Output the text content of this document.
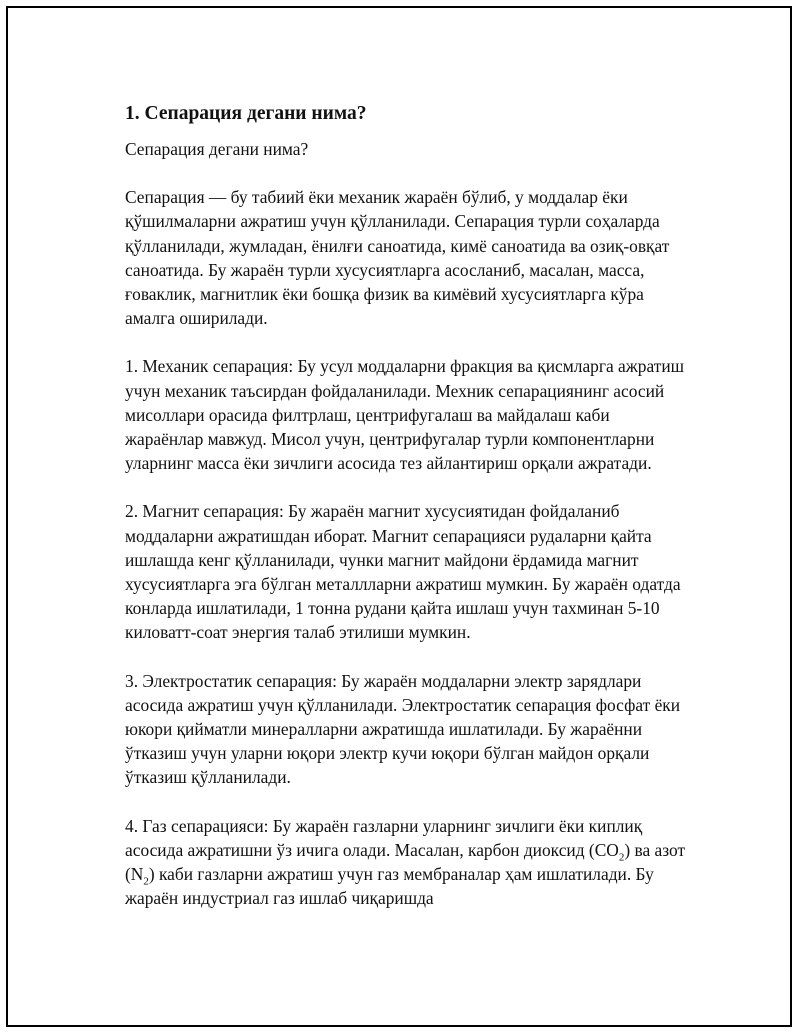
1. Сепарация дегани нима?
Сепарация дегани нима?

Сепарация — бу табиий ёки механик жараён бўлиб, у моддалар ёки қўшилмаларни ажратиш учун қўлланилади. Сепарация турли соҳаларда қўлланилади, жумладан, ёнилғи саноатида, кимё саноатида ва озиқ-овқат саноатида. Бу жараён турли хусусиятларга асосланиб, масалан, масса, ғоваклик, магнитлик ёки бошқа физик ва кимёвий хусусиятларга кўра амалга оширилади.

1. Механик сепарация: Бу усул моддаларни фракция ва қисмларга ажратиш учун механик таъсирдан фойдаланилади. Мехник сепарациянинг асосий мисоллари орасида филтрлаш, центрифугалаш ва майдалаш каби жараёнлар мавжуд. Мисол учун, центрифугалар турли компонентларни уларнинг масса ёки зичлиги асосида тез айлантириш орқали ажратади.

2. Магнит сепарация: Бу жараён магнит хусусиятидан фойдаланиб моддаларни ажратишдан иборат. Магнит сепарацияси рудаларни қайта ишлашда кенг қўлланилади, чунки магнит майдони ёрдамида магнит хусусиятларга эга бўлган металлларни ажратиш мумкин. Бу жараён одатда конларда ишлатилади, 1 тонна рудани қайта ишлаш учун тахминан 5-10 киловатт-соат энергия талаб этилиши мумкин.

3. Электростатик сепарация: Бу жараён моддаларни электр зарядлари асосида ажратиш учун қўлланилади. Электростатик сепарация фосфат ёки юкори қийматли минералларни ажратишда ишлатилади. Бу жараённи ўтказиш учун уларни юқори электр кучи юқори бўлган майдон орқали ўтказиш қўлланилади.

4. Газ сепарацияси: Бу жараён газларни уларнинг зичлиги ёки киплиқ асосида ажратишни ўз ичига олади. Масалан, карбон диоксид $(CO_2)$ ва азот $(N_2)$ каби газларни ажратиш учун газ мембраналар ҳам ишлатилади. Бу жараён индустриал газ ишлаб чиқаришда
